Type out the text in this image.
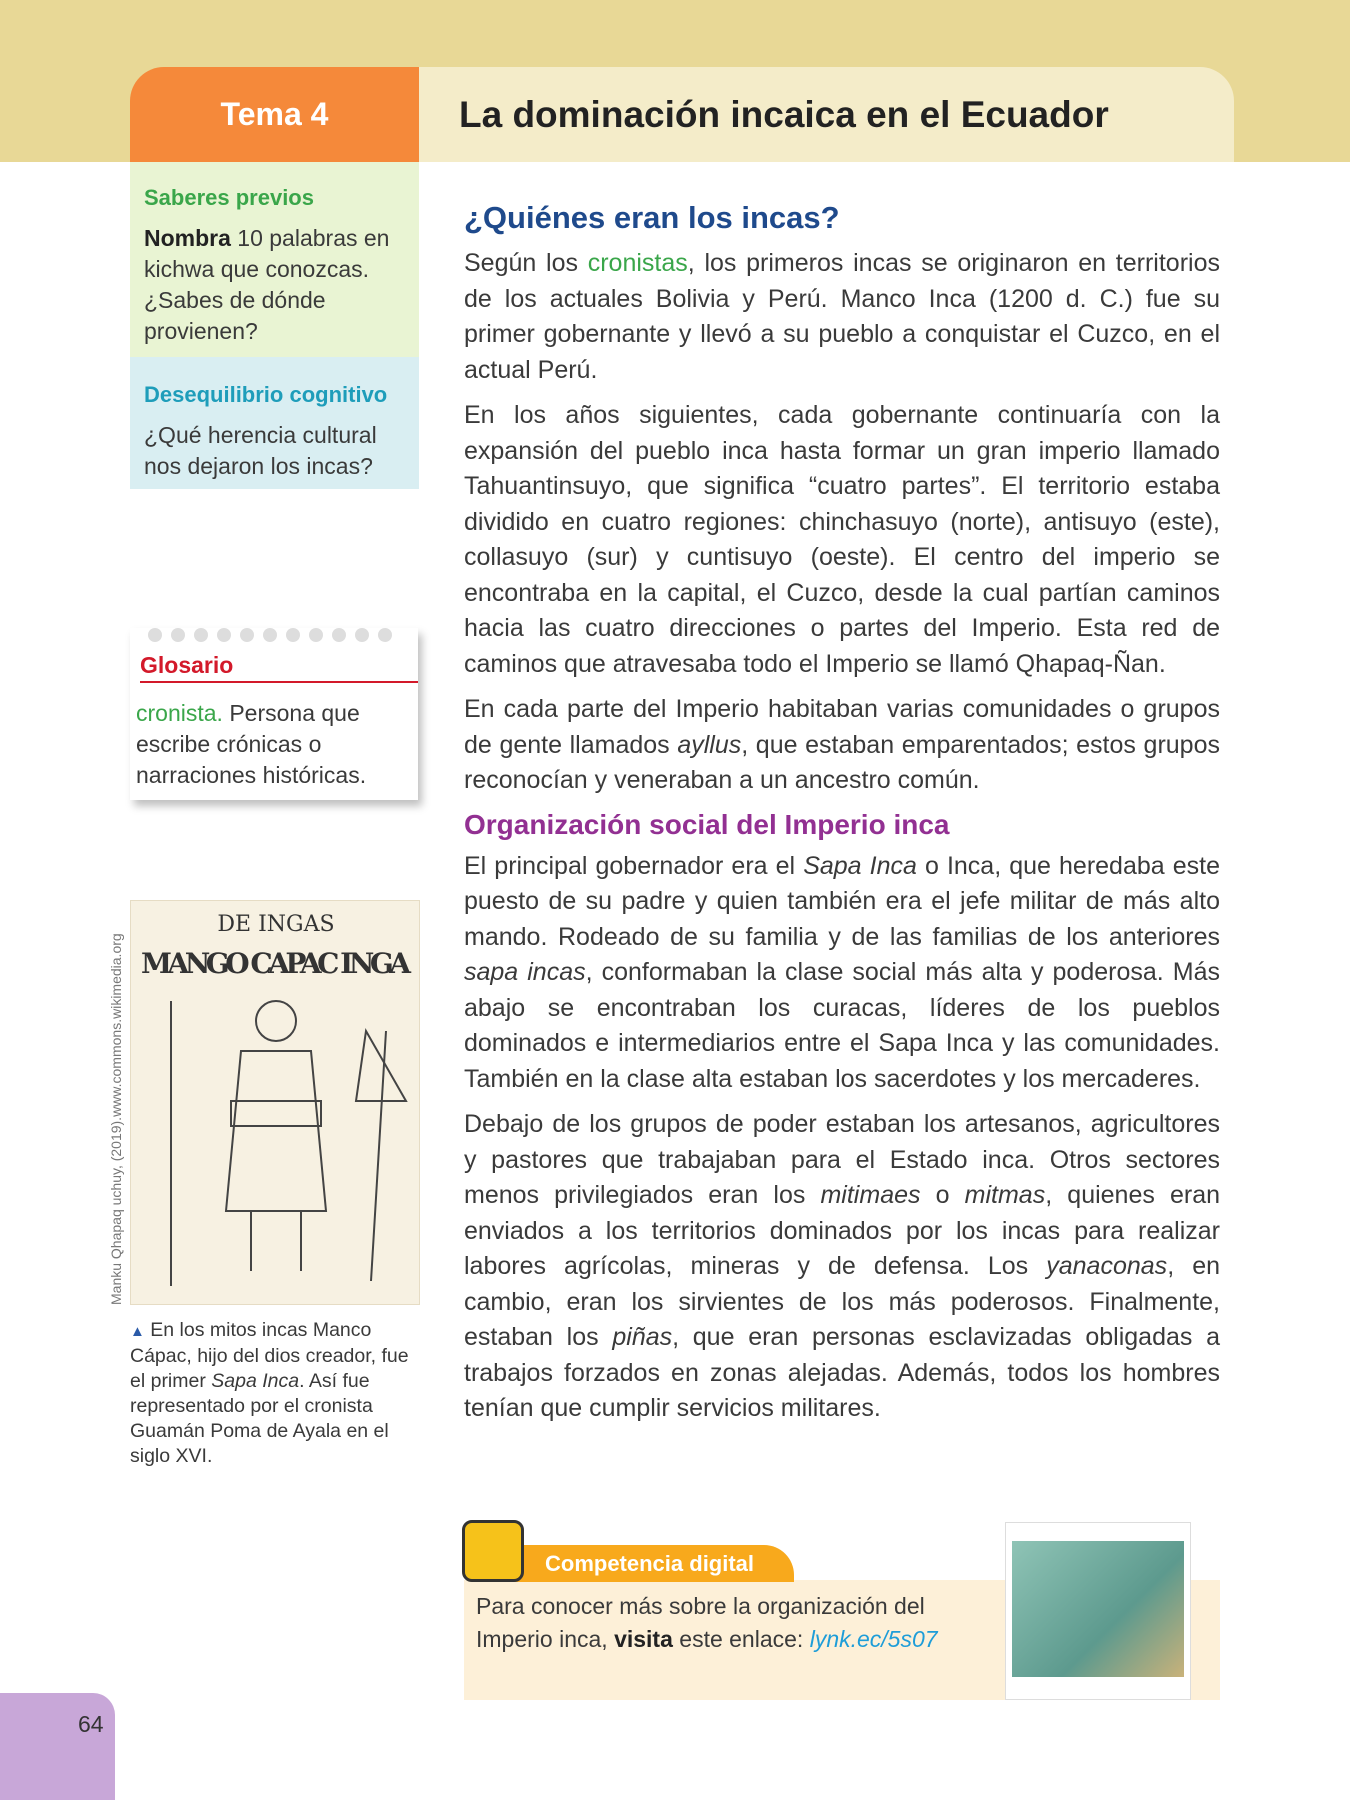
Tema 4	La dominación incaica en el Ecuador
Saberes previos
Nombra 10 palabras en kichwa que conozcas. ¿Sabes de dónde provienen?
Desequilibrio cognitivo
¿Qué herencia cultural nos dejaron los incas?
Glosario

cronista. Persona que escribe crónicas o narraciones históricas.

DE INGAS
MANGO CAPAC INGA
Manku Qhapaq uchuy, (2019).www.commons.wikimedia.org
▲ En los mitos incas Manco Cápac, hijo del dios creador, fue el primer Sapa Inca. Así fue representado por el cronista Guamán Poma de Ayala en el siglo XVI.
¿Quiénes eran los incas?

Según los cronistas, los primeros incas se originaron en territorios de los actuales Bolivia y Perú. Manco Inca (1200 d. C.) fue su primer gobernante y llevó a su pueblo a conquistar el Cuzco, en el actual Perú.

En los años siguientes, cada gobernante continuaría con la expansión del pueblo inca hasta formar un gran imperio llamado Tahuantinsuyo, que significa “cuatro partes”. El territorio estaba dividido en cuatro regiones: chinchasuyo (norte), antisuyo (este), collasuyo (sur) y cuntisuyo (oeste). El centro del imperio se encontraba en la capital, el Cuzco, desde la cual partían caminos hacia las cuatro direcciones o partes del Imperio. Esta red de caminos que atravesaba todo el Imperio se llamó Qhapaq-Ñan.

En cada parte del Imperio habitaban varias comunidades o grupos de gente llamados ayllus, que estaban emparentados; estos grupos reconocían y veneraban a un ancestro común.

Organización social del Imperio inca

El principal gobernador era el Sapa Inca o Inca, que heredaba este puesto de su padre y quien también era el jefe militar de más alto mando. Rodeado de su familia y de las familias de los anteriores sapa incas, conformaban la clase social más alta y poderosa. Más abajo se encontraban los curacas, líderes de los pueblos dominados e intermediarios entre el Sapa Inca y las comunidades. También en la clase alta estaban los sacerdotes y los mercaderes.

Debajo de los grupos de poder estaban los artesanos, agricultores y pastores que trabajaban para el Estado inca. Otros sectores menos privilegiados eran los mitimaes o mitmas, quienes eran enviados a los territorios dominados por los incas para realizar labores agrícolas, mineras y de defensa. Los yanaconas, en cambio, eran los sirvientes de los más poderosos. Finalmente, estaban los piñas, que eran personas esclavizadas obligadas a trabajos forzados en zonas alejadas. Además, todos los hombres tenían que cumplir servicios militares.

Para conocer más sobre la organización del Imperio inca, visita este enlace: lynk.ec/5s07

Competencia digital
64
